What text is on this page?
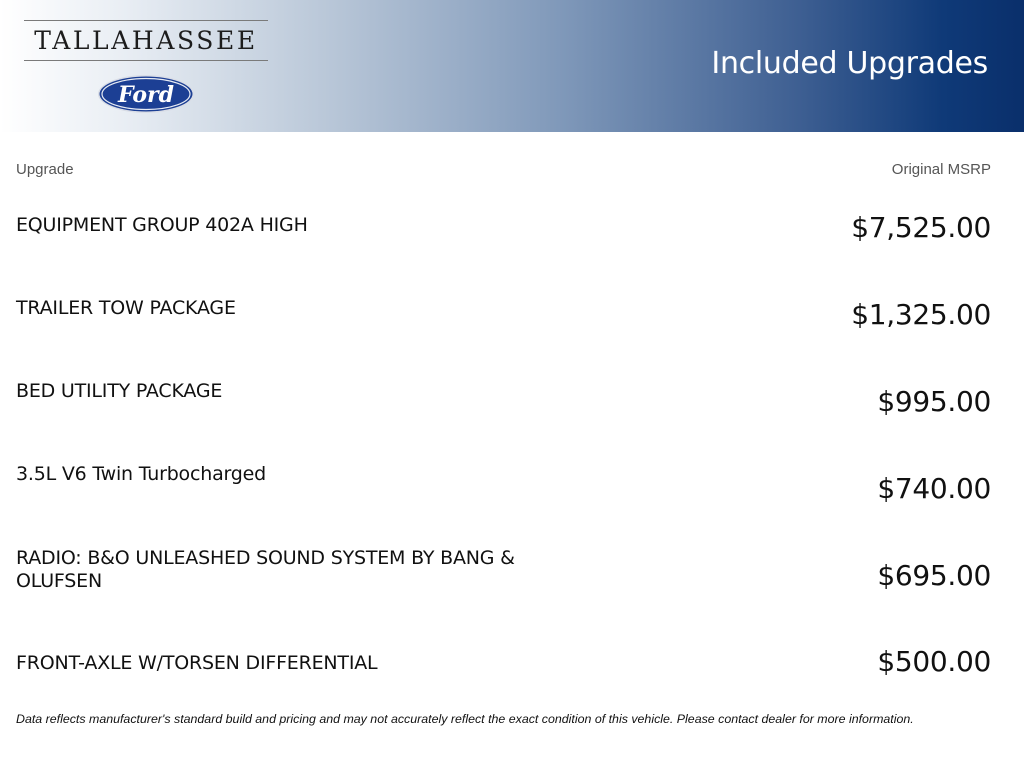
TALLAHASSEE
Ford
Included Upgrades
Upgrade	Original MSRP
EQUIPMENT GROUP 402A HIGH	$7,525.00
TRAILER TOW PACKAGE	$1,325.00
BED UTILITY PACKAGE	$995.00
3.5L V6 Twin Turbocharged	$740.00
RADIO: B&O UNLEASHED SOUND SYSTEM BY BANG & OLUFSEN	$695.00
FRONT-AXLE W/TORSEN DIFFERENTIAL	$500.00
Data reflects manufacturer's standard build and pricing and may not accurately reflect the exact condition of this vehicle. Please contact dealer for more information.
